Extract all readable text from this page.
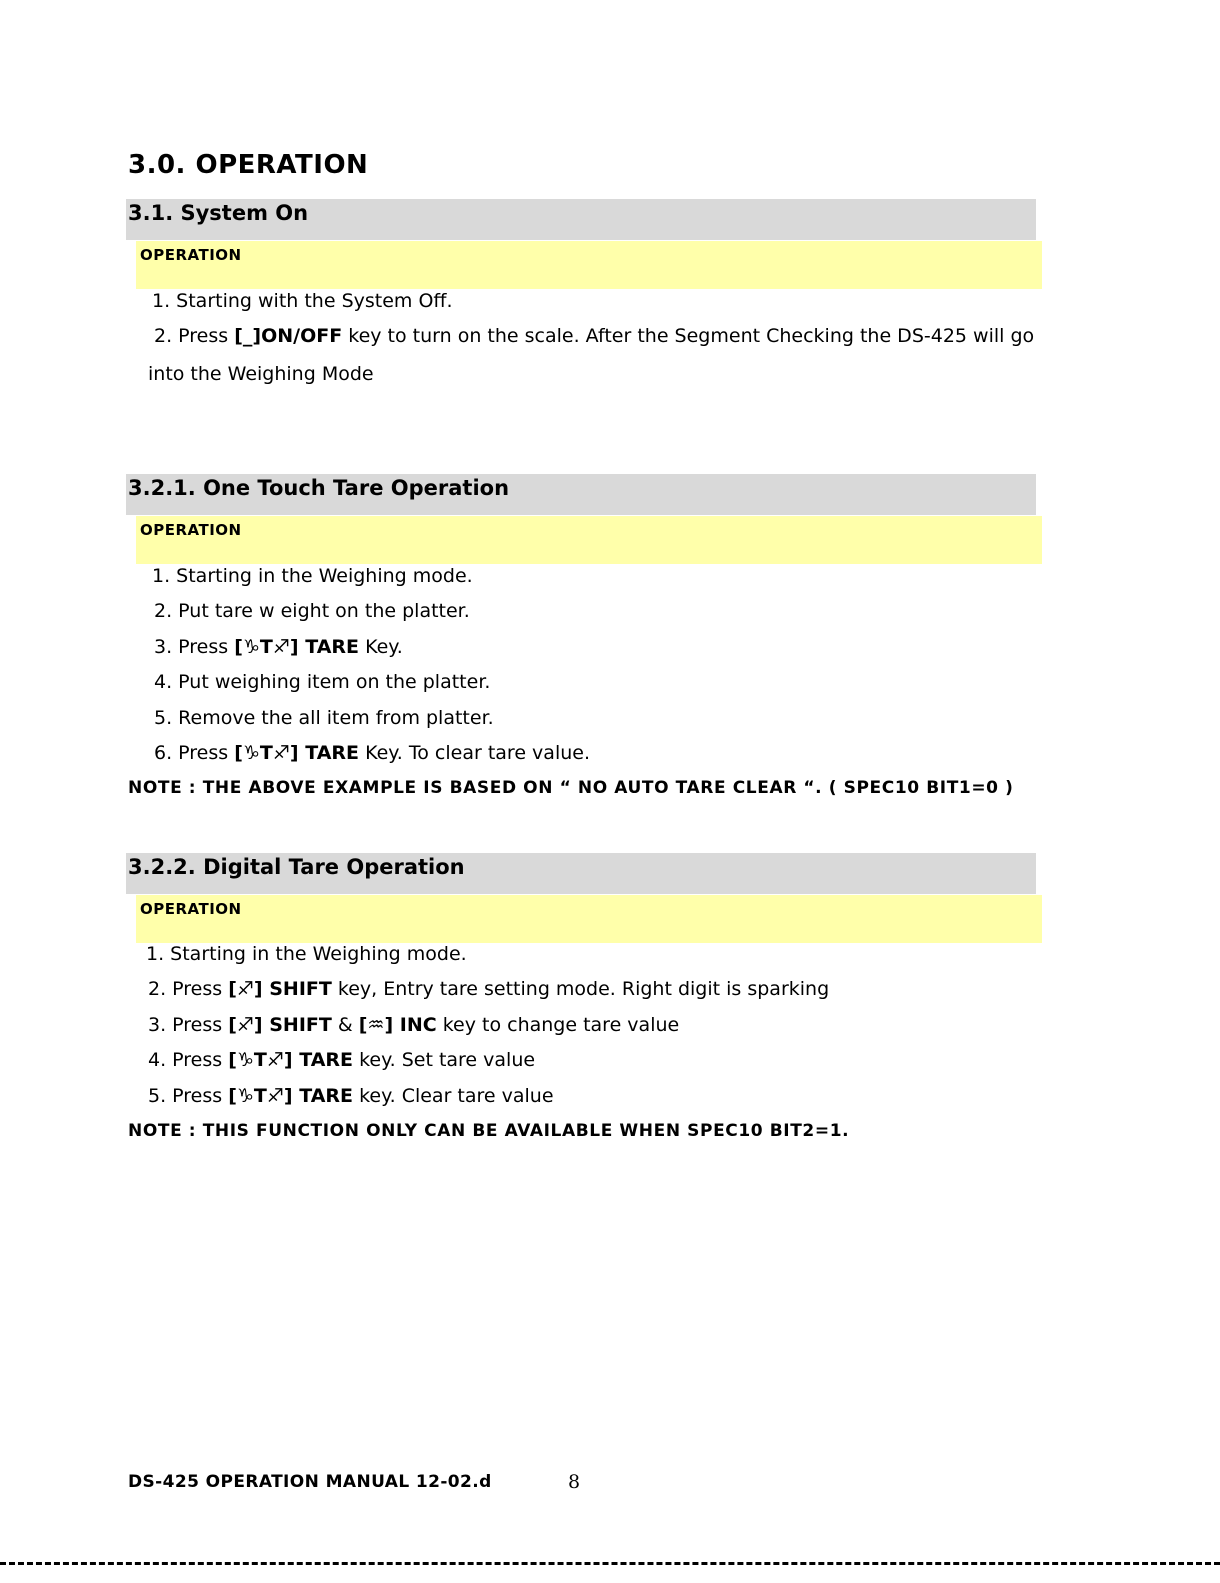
3.0. OPERATION
3.1. System On
OPERATION
1. Starting with the System Off.
2. Press [_]ON/OFF key to turn on the scale. After the Segment Checking the DS-425 will go
into the Weighing Mode
3.2.1. One Touch Tare Operation
OPERATION
1. Starting in the Weighing mode.
2. Put tare w eight on the platter.
3. Press [♑T♐] TARE Key.
4. Put weighing item on the platter.
5. Remove the all item from platter.
6. Press [♑T♐] TARE Key. To clear tare value.
NOTE : THE ABOVE EXAMPLE IS BASED ON “ NO AUTO TARE CLEAR “. ( SPEC10 BIT1=0 )
3.2.2. Digital Tare Operation
OPERATION
1. Starting in the Weighing mode.
2. Press [♐] SHIFT key, Entry tare setting mode. Right digit is sparking
3. Press [♐] SHIFT & [♒] INC key to change tare value
4. Press [♑T♐] TARE key. Set tare value
5. Press [♑T♐] TARE key. Clear tare value
NOTE : THIS FUNCTION ONLY CAN BE AVAILABLE WHEN SPEC10 BIT2=1.
DS-425 OPERATION MANUAL 12-02.d	8
